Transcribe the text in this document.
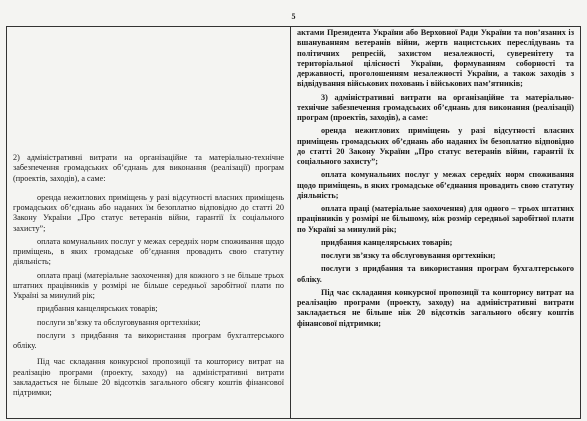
5

2) адміністративні витрати на організаційне та матеріально-технічне забезпечення громадських об’єднань для виконання (реалізації) програм (проектів, заходів), а саме:

оренда нежитлових приміщень у разі відсутності власних приміщень громадських об’єднань або наданих їм безоплатно відповідно до статті 20 Закону України „Про статус ветеранів війни, гарантії їх соціального захисту”;

оплата комунальних послуг у межах середніх норм споживання щодо приміщень, в яких громадське об’єднання провадить свою статутну діяльність;

оплата праці (матеріальне заохочення) для кожного з не більше трьох штатних працівників у розмірі не більше середньої заробітної плати по Україні за минулий рік;

придбання канцелярських товарів;

послуги зв’язку та обслуговування оргтехніки;

послуги з придбання та використання програм бухгалтерського обліку.

Під час складання конкурсної пропозиції та кошторису витрат на реалізацію програми (проекту, заходу) на адміністративні витрати закладається не більше 20 відсотків загального обсягу коштів фінансової підтримки;

актами Президента України або Верховної Ради України та пов’язаних із вшануванням ветеранів війни, жертв нацистських переслідувань та політичних репресій, захистом незалежності, суверенітету та територіальної цілісності України, формуванням соборності та державності, проголошенням незалежності України, а також заходів з відвідування військових поховань і військових пам’ятників;

3) адміністративні витрати на організаційне та матеріально-технічне забезпечення громадських об’єднань для виконання (реалізації) програм (проектів, заходів), а саме:

оренда нежитлових приміщень у разі відсутності власних приміщень громадських об’єднань або наданих їм безоплатно відповідно до статті 20 Закону України „Про статус ветеранів війни, гарантії їх соціального захисту”;

оплата комунальних послуг у межах середніх норм споживання щодо приміщень, в яких громадське об’єднання провадить свою статутну діяльність;

оплата праці (матеріальне заохочення) для одного – трьох штатних працівників у розмірі не більшому, ніж розмір середньої заробітної плати по Україні за минулий рік;

придбання канцелярських товарів;

послуги зв’язку та обслуговування оргтехніки;

послуги з придбання та використання програм бухгалтерського обліку.

Під час складання конкурсної пропозиції та кошторису витрат на реалізацію програми (проекту, заходу) на адміністративні витрати закладається не більше ніж 20 відсотків загального обсягу коштів фінансової підтримки;
